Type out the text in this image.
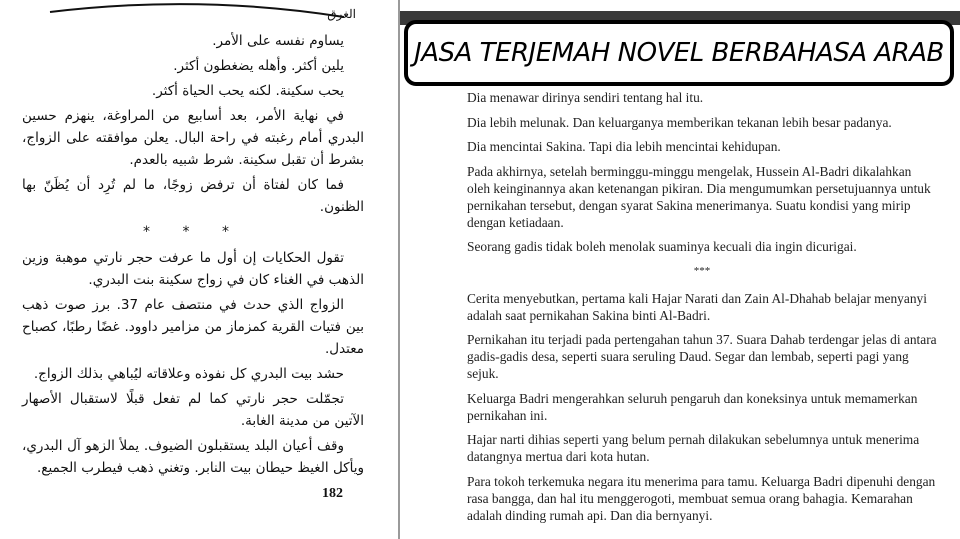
الغرق

يساوم نفسه على الأمر.

يلين أكثر. وأهله يضغطون أكثر.

يحب سكينة. لكنه يحب الحياة أكثر.

في نهاية الأمر، بعد أسابيع من المراوغة، ينهزم حسين البدري أمام رغبته في راحة البال. يعلن موافقته على الزواج، بشرط أن تقبل سكينة. شرط شبيه بالعدم.

فما كان لفتاة أن ترفض زوجًا، ما لم تُرِد أن يُظَنّ بها الظنون.

* * *

تقول الحكايات إن أول ما عرفت حجر نارتي موهبة وزين الذهب في الغناء كان في زواج سكينة بنت البدري.

الزواج الذي حدث في منتصف عام 37. برز صوت ذهب بين فتيات القرية كمزماز من مزامير داوود. غضًا رطبًا، كصباح معتدل.

حشد بيت البدري كل نفوذه وعلاقاته ليُباهي بذلك الزواج.

تجمّلت حجر نارتي كما لم تفعل قبلًا لاستقبال الأصهار الآتين من مدينة الغابة.

وقف أعيان البلد يستقبلون الضيوف. يملأ الزهو آل البدري، ويأكل الغيظ حيطان بيت النابر. وتغني ذهب فيطرب الجميع.

182
JASA TERJEMAH NOVEL BERBAHASA ARAB

Dia menawar dirinya sendiri tentang hal itu.

Dia lebih melunak. Dan keluarganya memberikan tekanan lebih besar padanya.

Dia mencintai Sakina. Tapi dia lebih mencintai kehidupan.

Pada akhirnya, setelah berminggu-minggu mengelak, Hussein Al-Badri dikalahkan oleh keinginannya akan ketenangan pikiran. Dia mengumumkan persetujuannya untuk pernikahan tersebut, dengan syarat Sakina menerimanya. Suatu kondisi yang mirip dengan ketiadaan.

Seorang gadis tidak boleh menolak suaminya kecuali dia ingin dicurigai.

***

Cerita menyebutkan, pertama kali Hajar Narati dan Zain Al-Dhahab belajar menyanyi adalah saat pernikahan Sakina binti Al-Badri.

Pernikahan itu terjadi pada pertengahan tahun 37. Suara Dahab terdengar jelas di antara gadis-gadis desa, seperti suara seruling Daud. Segar dan lembab, seperti pagi yang sejuk.

Keluarga Badri mengerahkan seluruh pengaruh dan koneksinya untuk memamerkan pernikahan ini.

Hajar narti dihias seperti yang belum pernah dilakukan sebelumnya untuk menerima datangnya mertua dari kota hutan.

Para tokoh terkemuka negara itu menerima para tamu. Keluarga Badri dipenuhi dengan rasa bangga, dan hal itu menggerogoti, membuat semua orang bahagia. Kemarahan adalah dinding rumah api. Dan dia bernyanyi.
